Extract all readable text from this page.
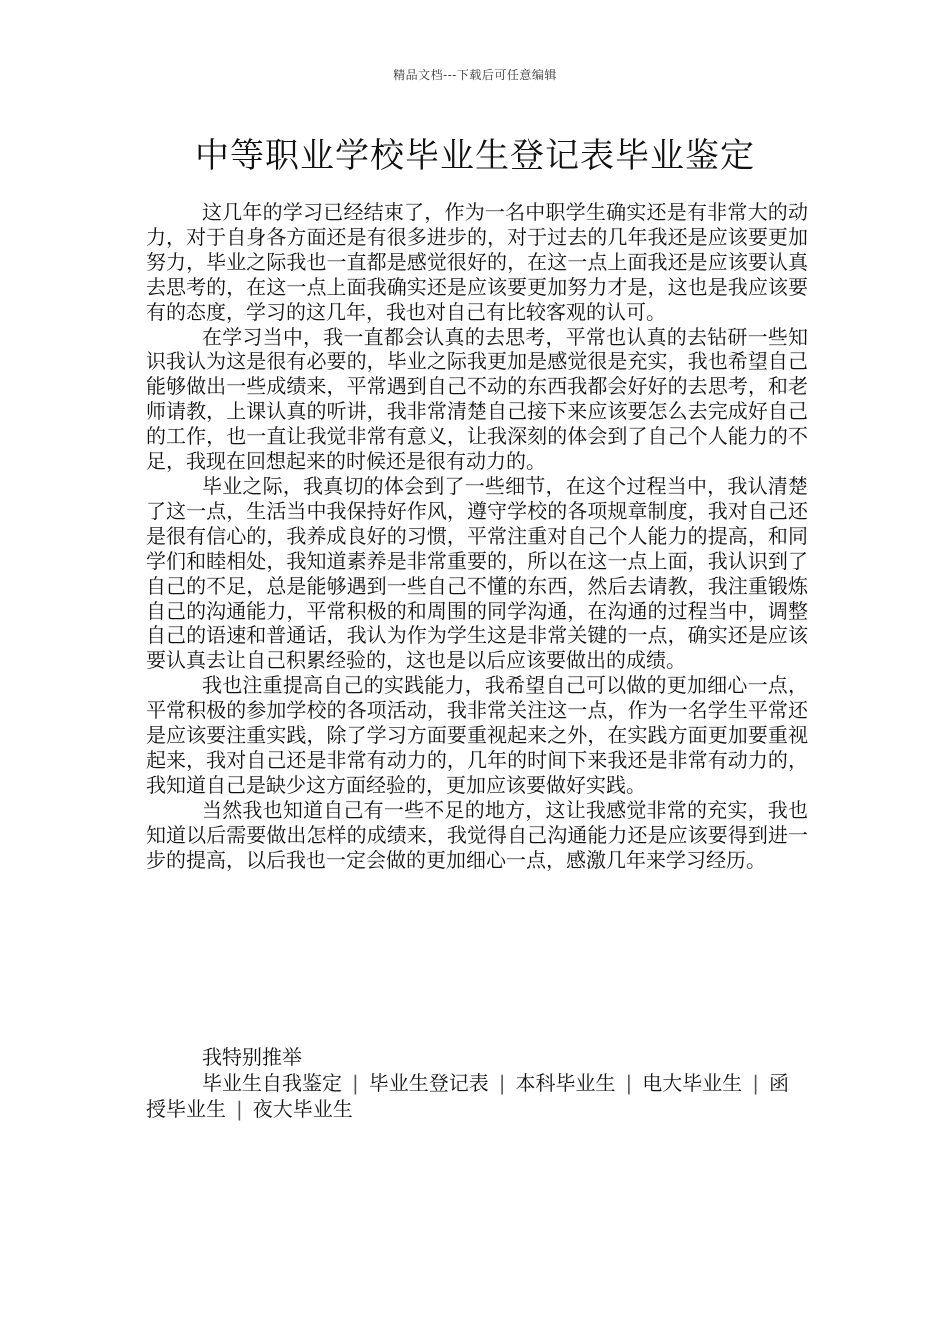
精品文档---下载后可任意编辑
中等职业学校毕业生登记表毕业鉴定

这几年的学习已经结束了，作为一名中职学生确实还是有非常大的动力，对于自身各方面还是有很多进步的，对于过去的几年我还是应该要更加努力，毕业之际我也一直都是感觉很好的，在这一点上面我还是应该要认真去思考的，在这一点上面我确实还是应该要更加努力才是，这也是我应该要有的态度，学习的这几年，我也对自己有比较客观的认可。

在学习当中，我一直都会认真的去思考，平常也认真的去钻研一些知识我认为这是很有必要的，毕业之际我更加是感觉很是充实，我也希望自己能够做出一些成绩来，平常遇到自己不动的东西我都会好好的去思考，和老师请教，上课认真的听讲，我非常清楚自己接下来应该要怎么去完成好自己的工作，也一直让我觉非常有意义，让我深刻的体会到了自己个人能力的不足，我现在回想起来的时候还是很有动力的。

毕业之际，我真切的体会到了一些细节，在这个过程当中，我认清楚了这一点，生活当中我保持好作风，遵守学校的各项规章制度，我对自己还是很有信心的，我养成良好的习惯，平常注重对自己个人能力的提高，和同学们和睦相处，我知道素养是非常重要的，所以在这一点上面，我认识到了自己的不足，总是能够遇到一些自己不懂的东西，然后去请教，我注重锻炼自己的沟通能力，平常积极的和周围的同学沟通，在沟通的过程当中，调整自己的语速和普通话，我认为作为学生这是非常关键的一点，确实还是应该要认真去让自己积累经验的，这也是以后应该要做出的成绩。

我也注重提高自己的实践能力，我希望自己可以做的更加细心一点，平常积极的参加学校的各项活动，我非常关注这一点，作为一名学生平常还是应该要注重实践，除了学习方面要重视起来之外，在实践方面更加要重视起来，我对自己还是非常有动力的，几年的时间下来我还是非常有动力的，我知道自己是缺少这方面经验的，更加应该要做好实践。

当然我也知道自己有一些不足的地方，这让我感觉非常的充实，我也知道以后需要做出怎样的成绩来，我觉得自己沟通能力还是应该要得到进一步的提高，以后我也一定会做的更加细心一点，感激几年来学习经历。

我特别推举

毕业生自我鉴定 | 毕业生登记表 | 本科毕业生 | 电大毕业生 | 函授毕业生 | 夜大毕业生
